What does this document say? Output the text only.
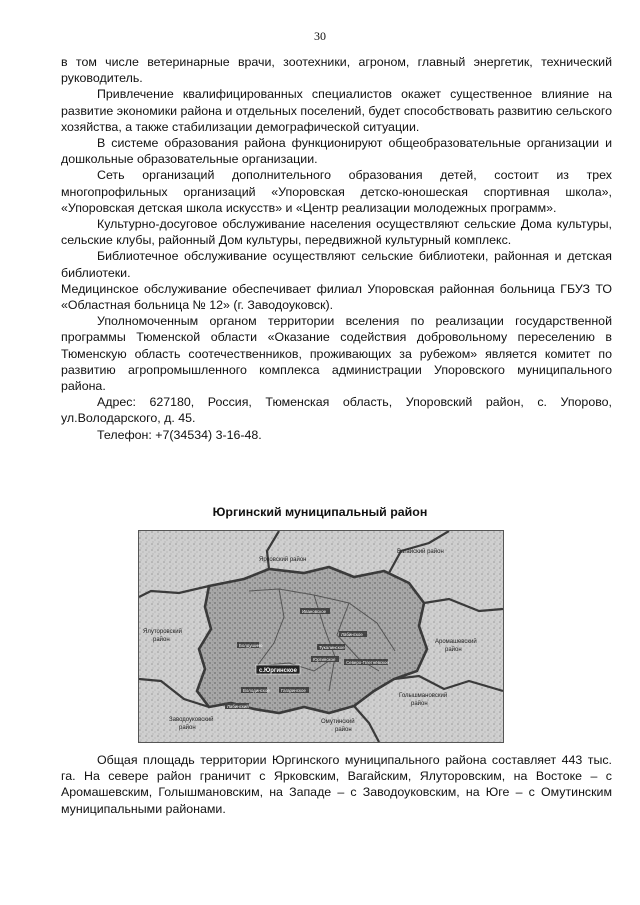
30

в том числе ветеринарные врачи, зоотехники, агроном, главный энергетик, технический руководитель.

Привлечение квалифицированных специалистов окажет существенное влияние на развитие экономики района и отдельных поселений, будет способствовать развитию сельского хозяйства, а также стабилизации демографической ситуации.

В системе образования района функционируют общеобразовательные организации и дошкольные образовательные организации.

Сеть организаций дополнительного образования детей, состоит из трех многопрофильных организаций «Упоровская детско-юношеская спортивная школа», «Упоровская детская школа искусств» и «Центр реализации молодежных программ».

Культурно-досуговое обслуживание населения осуществляют сельские Дома культуры, сельские клубы, районный Дом культуры, передвижной культурный комплекс.

Библиотечное обслуживание осуществляют сельские библиотеки, районная и детская библиотеки.

Медицинское обслуживание обеспечивает филиал Упоровская районная больница ГБУЗ ТО «Областная больница № 12» (г. Заводоуковск).

Уполномоченным органом территории вселения по реализации государственной программы Тюменской области «Оказание содействия добровольному переселению в Тюменскую область соотечественников, проживающих за рубежом» является комитет по развитию агропромышленного комплекса администрации Упоровского муниципального района.

Адрес: 627180, Россия, Тюменская область, Упоровский район, с. Упорово, ул.Володарского, д. 45.

Телефон: +7(34534) 3-16-48.

Юргинский муниципальный район
Ивановское
Лабинское
Тукалинское
Болдушино
Северо-Плетнёвское
Юргинское
Володинское	Гагаринское
Лабинский
с.Юргинское
Вагайский район
Ярковский район
Ялуторовский
район	Аромашевский
район
Голышмановский
район
Омутинский
район
Заводоуковский
район

Общая площадь территории Юргинского муниципального района составляет 443 тыс. га. На севере район граничит с Ярковским, Вагайским, Ялуторовским, на Востоке – с Аромашевским, Голышмановским, на Западе – с Заводоуковским, на Юге – с Омутинским муниципальными районами.
